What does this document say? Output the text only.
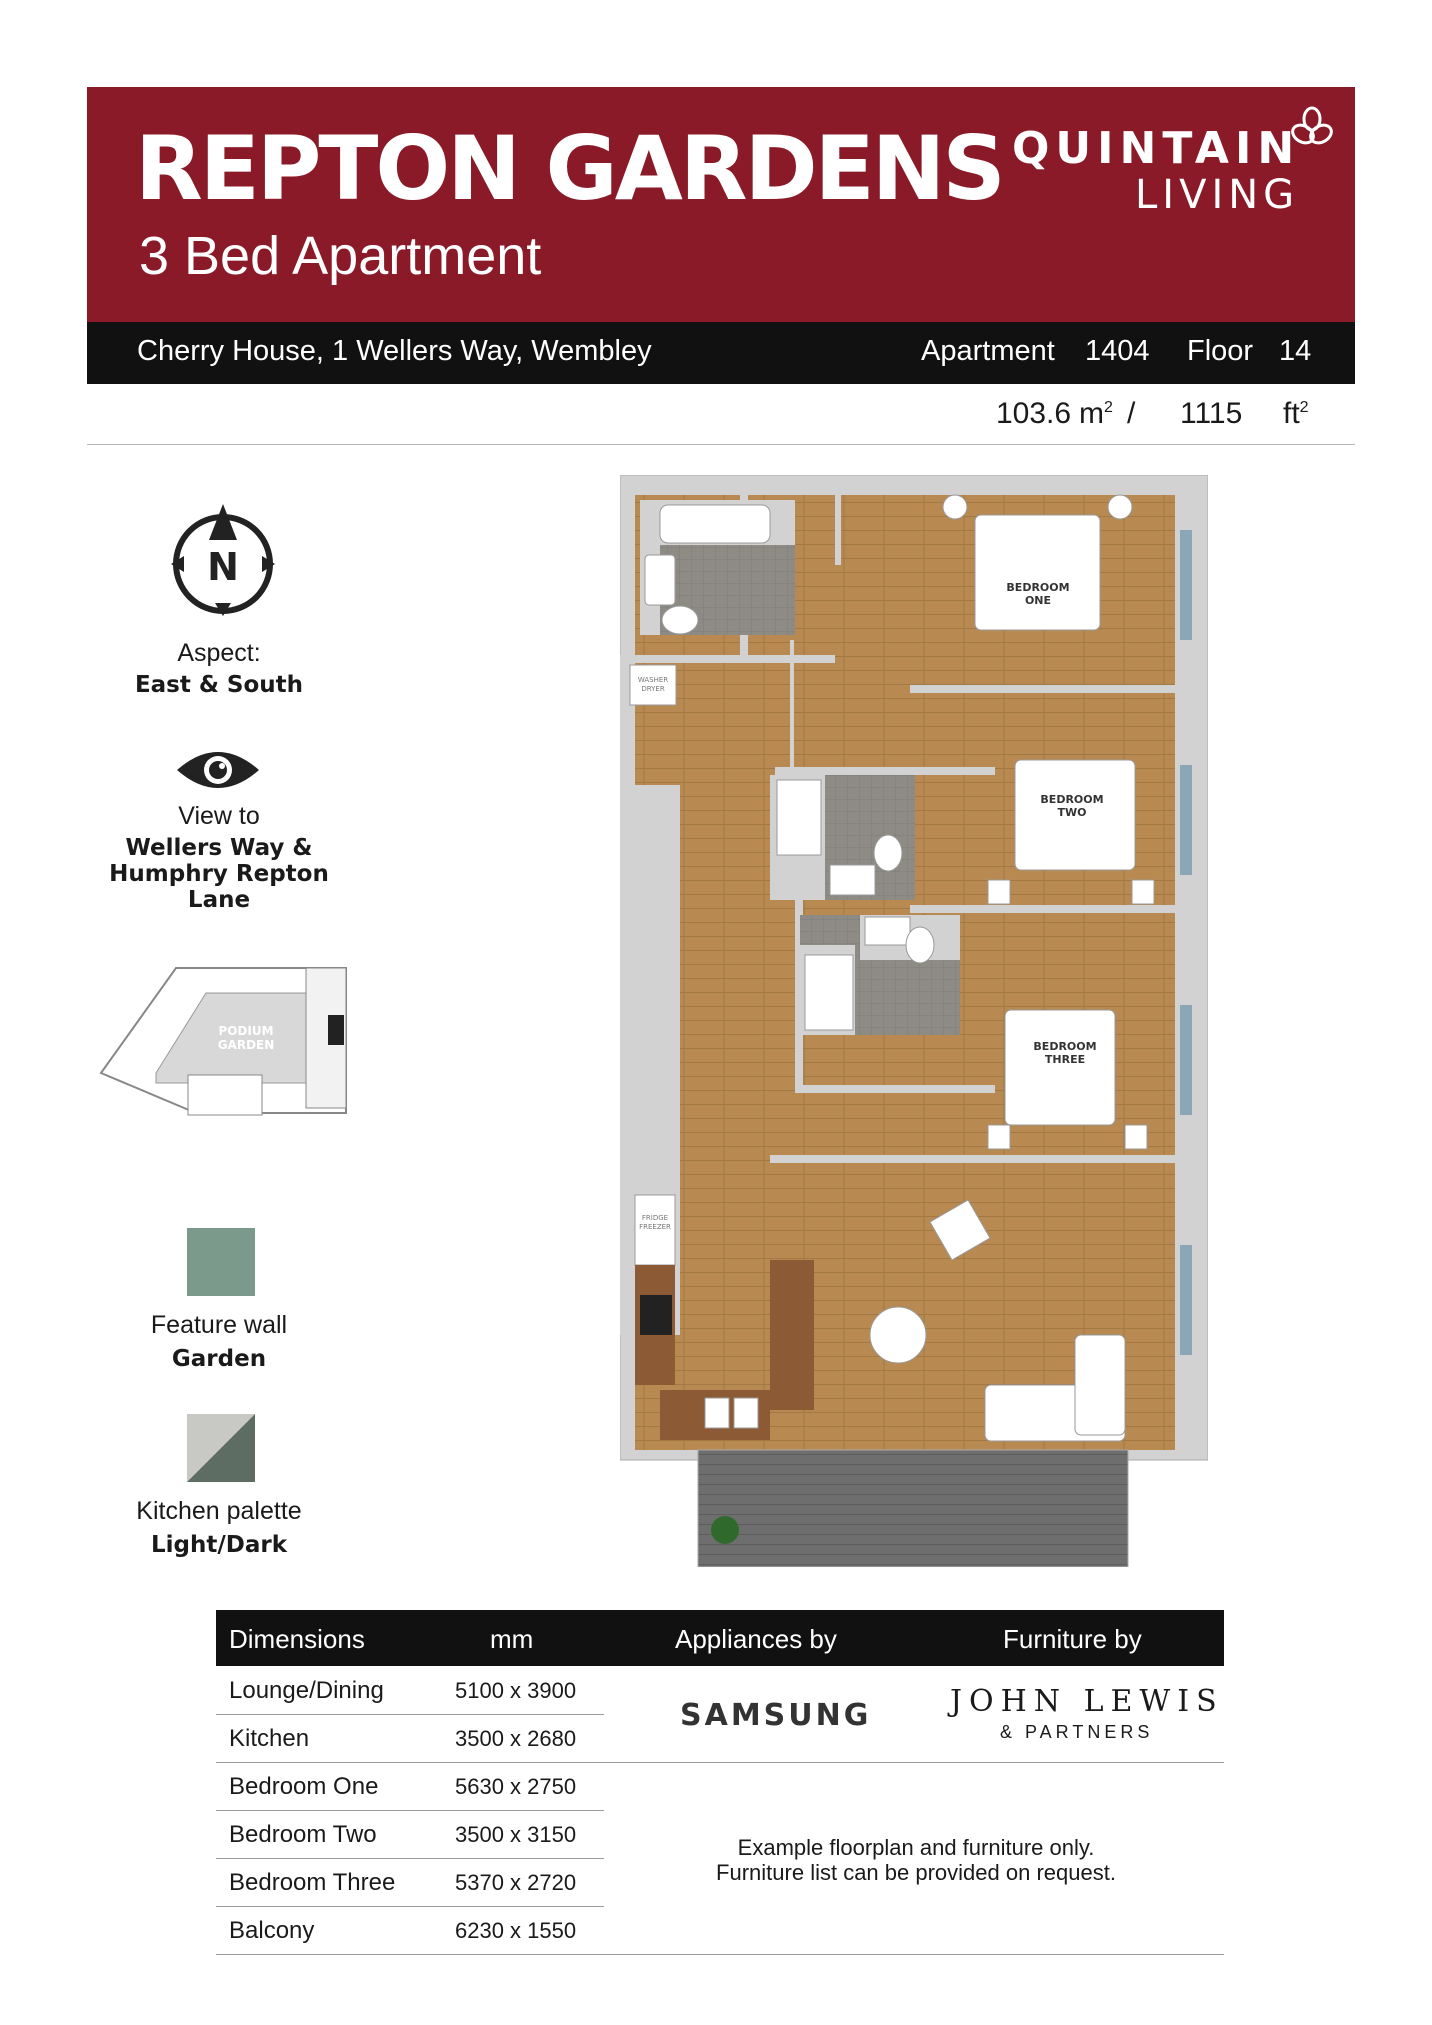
REPTON GARDENS
3 Bed Apartment
QUINTAIN
LIVING
Cherry House, 1 Wellers Way, Wembley	Apartment 1404 Floor 14
103.6 $m^2 / 1115$ $ft^2$
N
Aspect:
East & South
View to
Wellers Way &
Humphry Repton
Lane
PODIUM
GARDEN
Feature wall
Garden
Kitchen palette
Light/Dark
BEDROOM
ONE
BEDROOM
TWO
BEDROOM
THREE
WASHER
DRYER
FRIDGE
FREEZER
Dimensions	mm	Appliances by	Furniture by
Lounge/Dining	5100 x 3900
Kitchen	3500 x 2680
Bedroom One	5630 x 2750
Bedroom Two	3500 x 3150
Bedroom Three	5370 x 2720
Balcony	6230 x 1550
SAMSUNG	JOHN LEWIS
& PARTNERS
Example floorplan and furniture only.
Furniture list can be provided on request.
